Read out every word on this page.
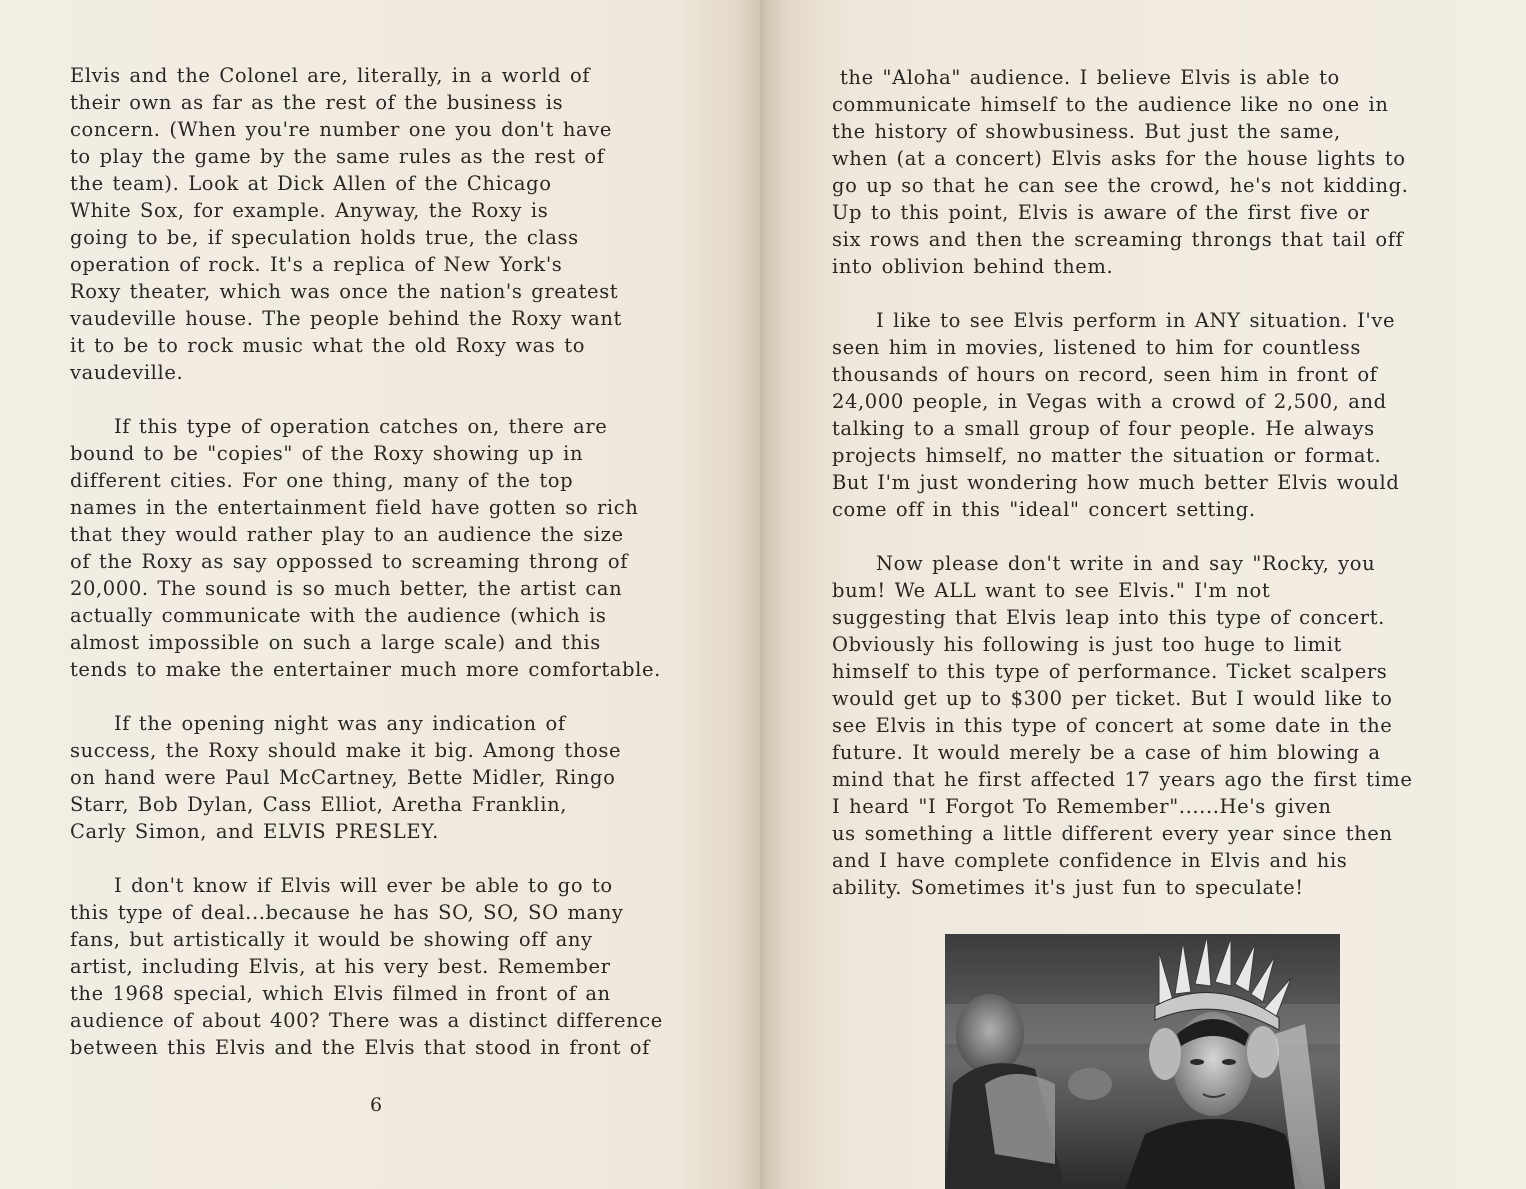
Elvis and the Colonel are, literally, in a world of
their own as far as the rest of the business is
concern. (When you're number one you don't have
to play the game by the same rules as the rest of
the team). Look at Dick Allen of the Chicago
White Sox, for example. Anyway, the Roxy is
going to be, if speculation holds true, the class
operation of rock. It's a replica of New York's
Roxy theater, which was once the nation's greatest
vaudeville house. The people behind the Roxy want
it to be to rock music what the old Roxy was to
vaudeville.
If this type of operation catches on, there are
bound to be "copies" of the Roxy showing up in
different cities. For one thing, many of the top
names in the entertainment field have gotten so rich
that they would rather play to an audience the size
of the Roxy as say oppossed to screaming throng of
20,000. The sound is so much better, the artist can
actually communicate with the audience (which is
almost impossible on such a large scale) and this
tends to make the entertainer much more comfortable.
If the opening night was any indication of
success, the Roxy should make it big. Among those
on hand were Paul McCartney, Bette Midler, Ringo
Starr, Bob Dylan, Cass Elliot, Aretha Franklin,
Carly Simon, and ELVIS PRESLEY.
I don't know if Elvis will ever be able to go to
this type of deal...because he has SO, SO, SO many
fans, but artistically it would be showing off any
artist, including Elvis, at his very best. Remember
the 1968 special, which Elvis filmed in front of an
audience of about 400? There was a distinct difference
between this Elvis and the Elvis that stood in front of
6
the "Aloha" audience. I believe Elvis is able to
communicate himself to the audience like no one in
the history of showbusiness. But just the same,
when (at a concert) Elvis asks for the house lights to
go up so that he can see the crowd, he's not kidding.
Up to this point, Elvis is aware of the first five or
six rows and then the screaming throngs that tail off
into oblivion behind them.
I like to see Elvis perform in ANY situation. I've
seen him in movies, listened to him for countless
thousands of hours on record, seen him in front of
24,000 people, in Vegas with a crowd of 2,500, and
talking to a small group of four people. He always
projects himself, no matter the situation or format.
But I'm just wondering how much better Elvis would
come off in this "ideal" concert setting.
Now please don't write in and say "Rocky, you
bum! We ALL want to see Elvis." I'm not
suggesting that Elvis leap into this type of concert.
Obviously his following is just too huge to limit
himself to this type of performance. Ticket scalpers
would get up to $300 per ticket. But I would like to
see Elvis in this type of concert at some date in the
future. It would merely be a case of him blowing a
mind that he first affected 17 years ago the first time
I heard "I Forgot To Remember"......He's given
us something a little different every year since then
and I have complete confidence in Elvis and his
ability. Sometimes it's just fun to speculate!
